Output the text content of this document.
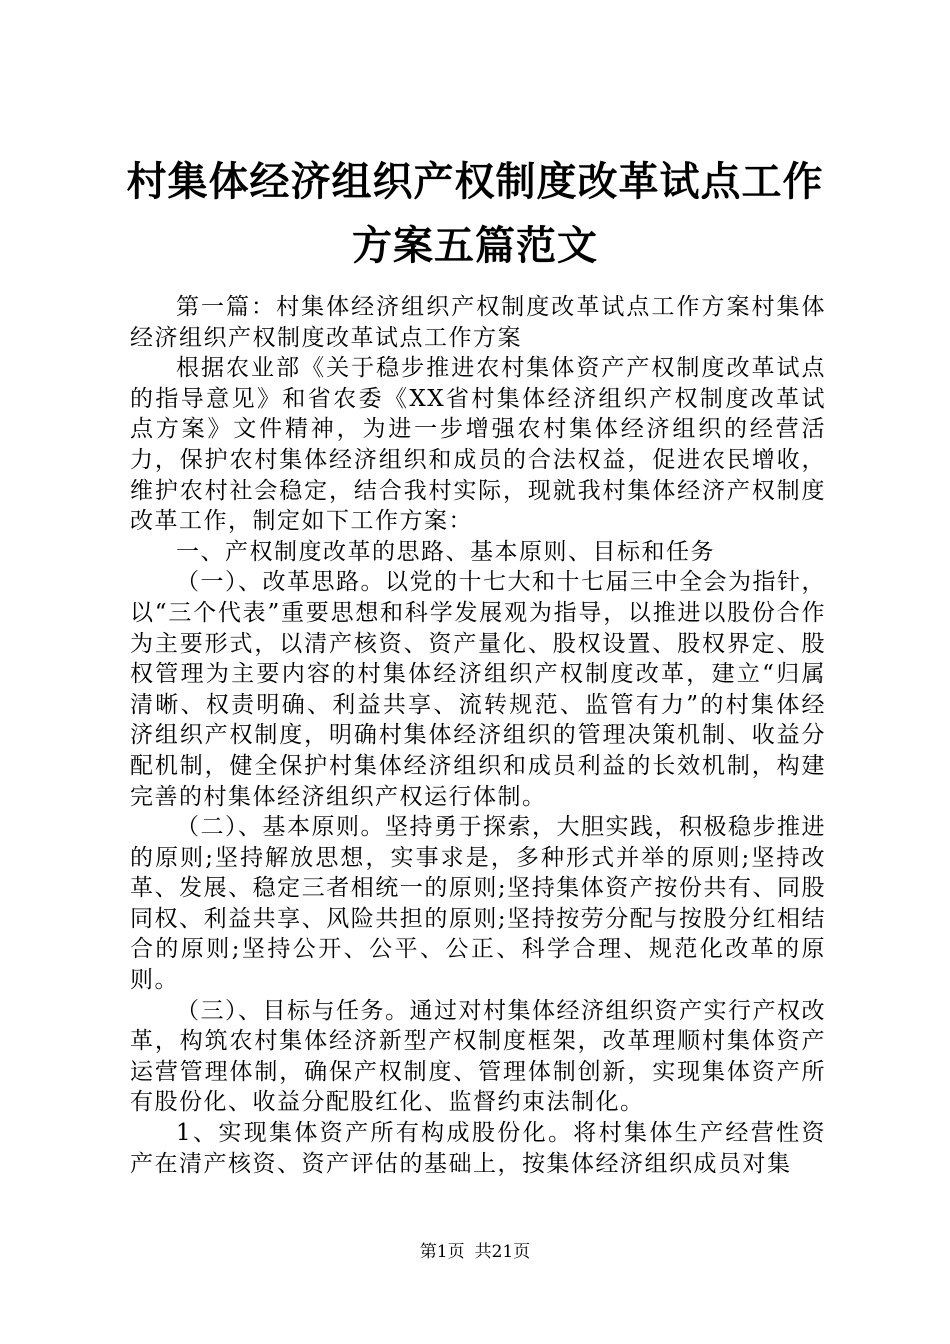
村集体经济组织产权制度改革试点工作方案五篇范文

第一篇：村集体经济组织产权制度改革试点工作方案村集体经济组织产权制度改革试点工作方案

根据农业部《关于稳步推进农村集体资产产权制度改革试点的指导意见》和省农委《XX省村集体经济组织产权制度改革试点方案》文件精神，为进一步增强农村集体经济组织的经营活力，保护农村集体经济组织和成员的合法权益，促进农民增收，维护农村社会稳定，结合我村实际，现就我村集体经济产权制度改革工作，制定如下工作方案：

一、产权制度改革的思路、基本原则、目标和任务

（一）、改革思路。以党的十七大和十七届三中全会为指针，以“三个代表”重要思想和科学发展观为指导，以推进以股份合作为主要形式，以清产核资、资产量化、股权设置、股权界定、股权管理为主要内容的村集体经济组织产权制度改革，建立“归属清晰、权责明确、利益共享、流转规范、监管有力”的村集体经济组织产权制度，明确村集体经济组织的管理决策机制、收益分配机制，健全保护村集体经济组织和成员利益的长效机制，构建完善的村集体经济组织产权运行体制。

（二）、基本原则。坚持勇于探索，大胆实践，积极稳步推进的原则;坚持解放思想，实事求是，多种形式并举的原则;坚持改革、发展、稳定三者相统一的原则;坚持集体资产按份共有、同股同权、利益共享、风险共担的原则;坚持按劳分配与按股分红相结合的原则;坚持公开、公平、公正、科学合理、规范化改革的原则。

（三）、目标与任务。通过对村集体经济组织资产实行产权改革，构筑农村集体经济新型产权制度框架，改革理顺村集体资产运营管理体制，确保产权制度、管理体制创新，实现集体资产所有股份化、收益分配股红化、监督约束法制化。

1、实现集体资产所有构成股份化。将村集体生产经营性资产在清产核资、资产评估的基础上，按集体经济组织成员对集

第1页 共21页
